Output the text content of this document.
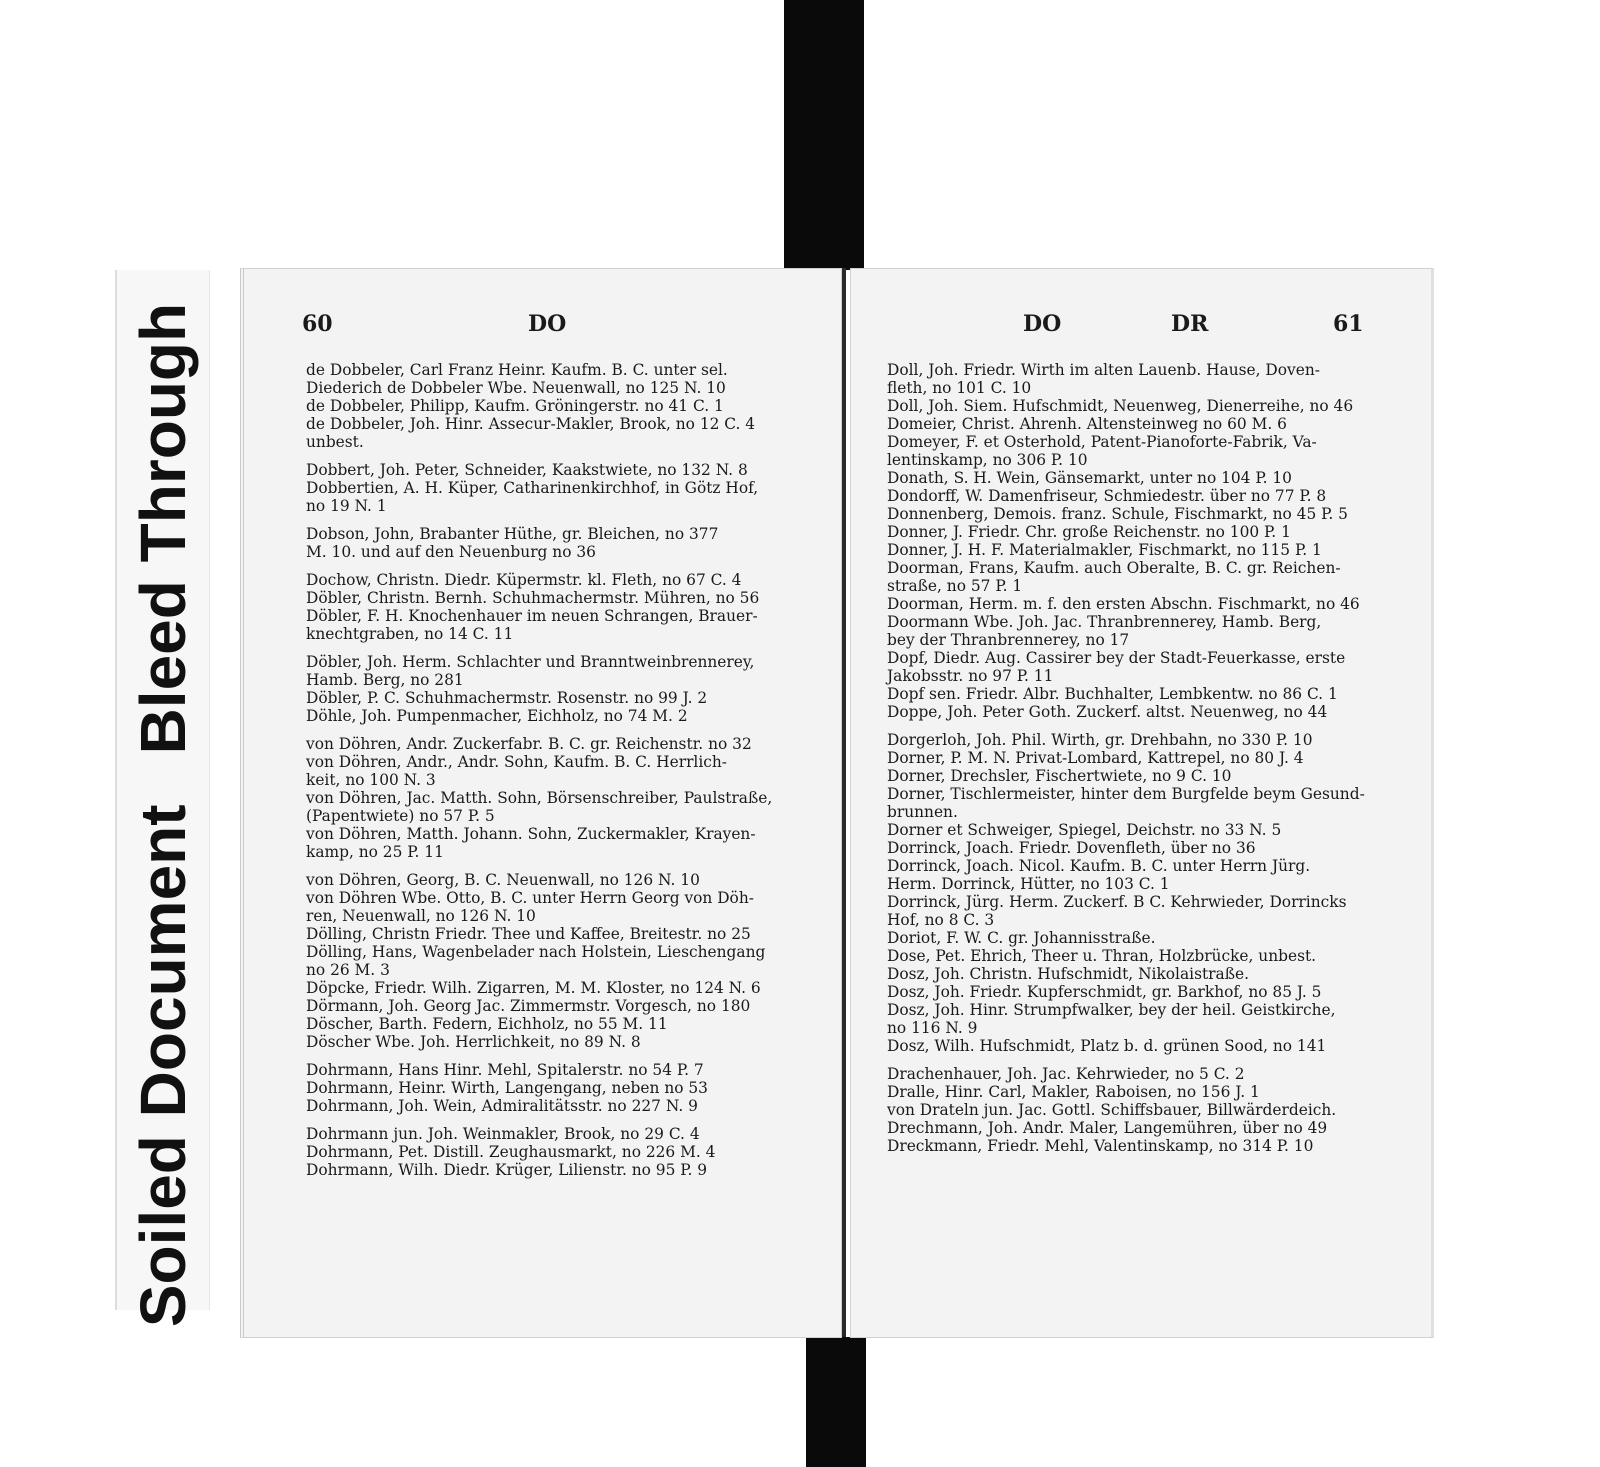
Soiled DocumentBleed Through	60	DO
de Dobbeler, Carl Franz Heinr. Kaufm. B. C. unter sel.
Diederich de Dobbeler Wbe. Neuenwall, no 125 N. 10
de Dobbeler, Philipp, Kaufm. Gröningerstr. no 41 C. 1
de Dobbeler, Joh. Hinr. Assecur-Makler, Brook, no 12 C. 4
unbest.
Dobbert, Joh. Peter, Schneider, Kaakstwiete, no 132 N. 8
Dobbertien, A. H. Küper, Catharinenkirchhof, in Götz Hof,
no 19 N. 1
Dobson, John, Brabanter Hüthe, gr. Bleichen, no 377
M. 10. und auf den Neuenburg no 36
Dochow, Christn. Diedr. Küpermstr. kl. Fleth, no 67 C. 4
Döbler, Christn. Bernh. Schuhmachermstr. Mühren, no 56
Döbler, F. H. Knochenhauer im neuen Schrangen, Brauer-
knechtgraben, no 14 C. 11
Döbler, Joh. Herm. Schlachter und Branntweinbrennerey,
Hamb. Berg, no 281
Döbler, P. C. Schuhmachermstr. Rosenstr. no 99 J. 2
Döhle, Joh. Pumpenmacher, Eichholz, no 74 M. 2
von Döhren, Andr. Zuckerfabr. B. C. gr. Reichenstr. no 32
von Döhren, Andr., Andr. Sohn, Kaufm. B. C. Herrlich-
keit, no 100 N. 3
von Döhren, Jac. Matth. Sohn, Börsenschreiber, Paulstraße,
(Papentwiete) no 57 P. 5
von Döhren, Matth. Johann. Sohn, Zuckermakler, Krayen-
kamp, no 25 P. 11
von Döhren, Georg, B. C. Neuenwall, no 126 N. 10
von Döhren Wbe. Otto, B. C. unter Herrn Georg von Döh-
ren, Neuenwall, no 126 N. 10
Dölling, Christn Friedr. Thee und Kaffee, Breitestr. no 25
Dölling, Hans, Wagenbelader nach Holstein, Lieschengang
no 26 M. 3
Döpcke, Friedr. Wilh. Zigarren, M. M. Kloster, no 124 N. 6
Dörmann, Joh. Georg Jac. Zimmermstr. Vorgesch, no 180
Döscher, Barth. Federn, Eichholz, no 55 M. 11
Döscher Wbe. Joh. Herrlichkeit, no 89 N. 8
Dohrmann, Hans Hinr. Mehl, Spitalerstr. no 54 P. 7
Dohrmann, Heinr. Wirth, Langengang, neben no 53
Dohrmann, Joh. Wein, Admiralitätsstr. no 227 N. 9
Dohrmann jun. Joh. Weinmakler, Brook, no 29 C. 4
Dohrmann, Pet. Distill. Zeughausmarkt, no 226 M. 4
Dohrmann, Wilh. Diedr. Krüger, Lilienstr. no 95 P. 9
DO	DR	61
Doll, Joh. Friedr. Wirth im alten Lauenb. Hause, Doven-
fleth, no 101 C. 10
Doll, Joh. Siem. Hufschmidt, Neuenweg, Dienerreihe, no 46
Domeier, Christ. Ahrenh. Altensteinweg no 60 M. 6
Domeyer, F. et Osterhold, Patent-Pianoforte-Fabrik, Va-
lentinskamp, no 306 P. 10
Donath, S. H. Wein, Gänsemarkt, unter no 104 P. 10
Dondorff, W. Damenfriseur, Schmiedestr. über no 77 P. 8
Donnenberg, Demois. franz. Schule, Fischmarkt, no 45 P. 5
Donner, J. Friedr. Chr. große Reichenstr. no 100 P. 1
Donner, J. H. F. Materialmakler, Fischmarkt, no 115 P. 1
Doorman, Frans, Kaufm. auch Oberalte, B. C. gr. Reichen-
straße, no 57 P. 1
Doorman, Herm. m. f. den ersten Abschn. Fischmarkt, no 46
Doormann Wbe. Joh. Jac. Thranbrennerey, Hamb. Berg,
bey der Thranbrennerey, no 17
Dopf, Diedr. Aug. Cassirer bey der Stadt-Feuerkasse, erste
Jakobsstr. no 97 P. 11
Dopf sen. Friedr. Albr. Buchhalter, Lembkentw. no 86 C. 1
Doppe, Joh. Peter Goth. Zuckerf. altst. Neuenweg, no 44
Dorgerloh, Joh. Phil. Wirth, gr. Drehbahn, no 330 P. 10
Dorner, P. M. N. Privat-Lombard, Kattrepel, no 80 J. 4
Dorner, Drechsler, Fischertwiete, no 9 C. 10
Dorner, Tischlermeister, hinter dem Burgfelde beym Gesund-
brunnen.
Dorner et Schweiger, Spiegel, Deichstr. no 33 N. 5
Dorrinck, Joach. Friedr. Dovenfleth, über no 36
Dorrinck, Joach. Nicol. Kaufm. B. C. unter Herrn Jürg.
Herm. Dorrinck, Hütter, no 103 C. 1
Dorrinck, Jürg. Herm. Zuckerf. B C. Kehrwieder, Dorrincks
Hof, no 8 C. 3
Doriot, F. W. C. gr. Johannisstraße.
Dose, Pet. Ehrich, Theer u. Thran, Holzbrücke, unbest.
Dosz, Joh. Christn. Hufschmidt, Nikolaistraße.
Dosz, Joh. Friedr. Kupferschmidt, gr. Barkhof, no 85 J. 5
Dosz, Joh. Hinr. Strumpfwalker, bey der heil. Geistkirche,
no 116 N. 9
Dosz, Wilh. Hufschmidt, Platz b. d. grünen Sood, no 141
Drachenhauer, Joh. Jac. Kehrwieder, no 5 C. 2
Dralle, Hinr. Carl, Makler, Raboisen, no 156 J. 1
von Drateln jun. Jac. Gottl. Schiffsbauer, Billwärderdeich.
Drechmann, Joh. Andr. Maler, Langemühren, über no 49
Dreckmann, Friedr. Mehl, Valentinskamp, no 314 P. 10
